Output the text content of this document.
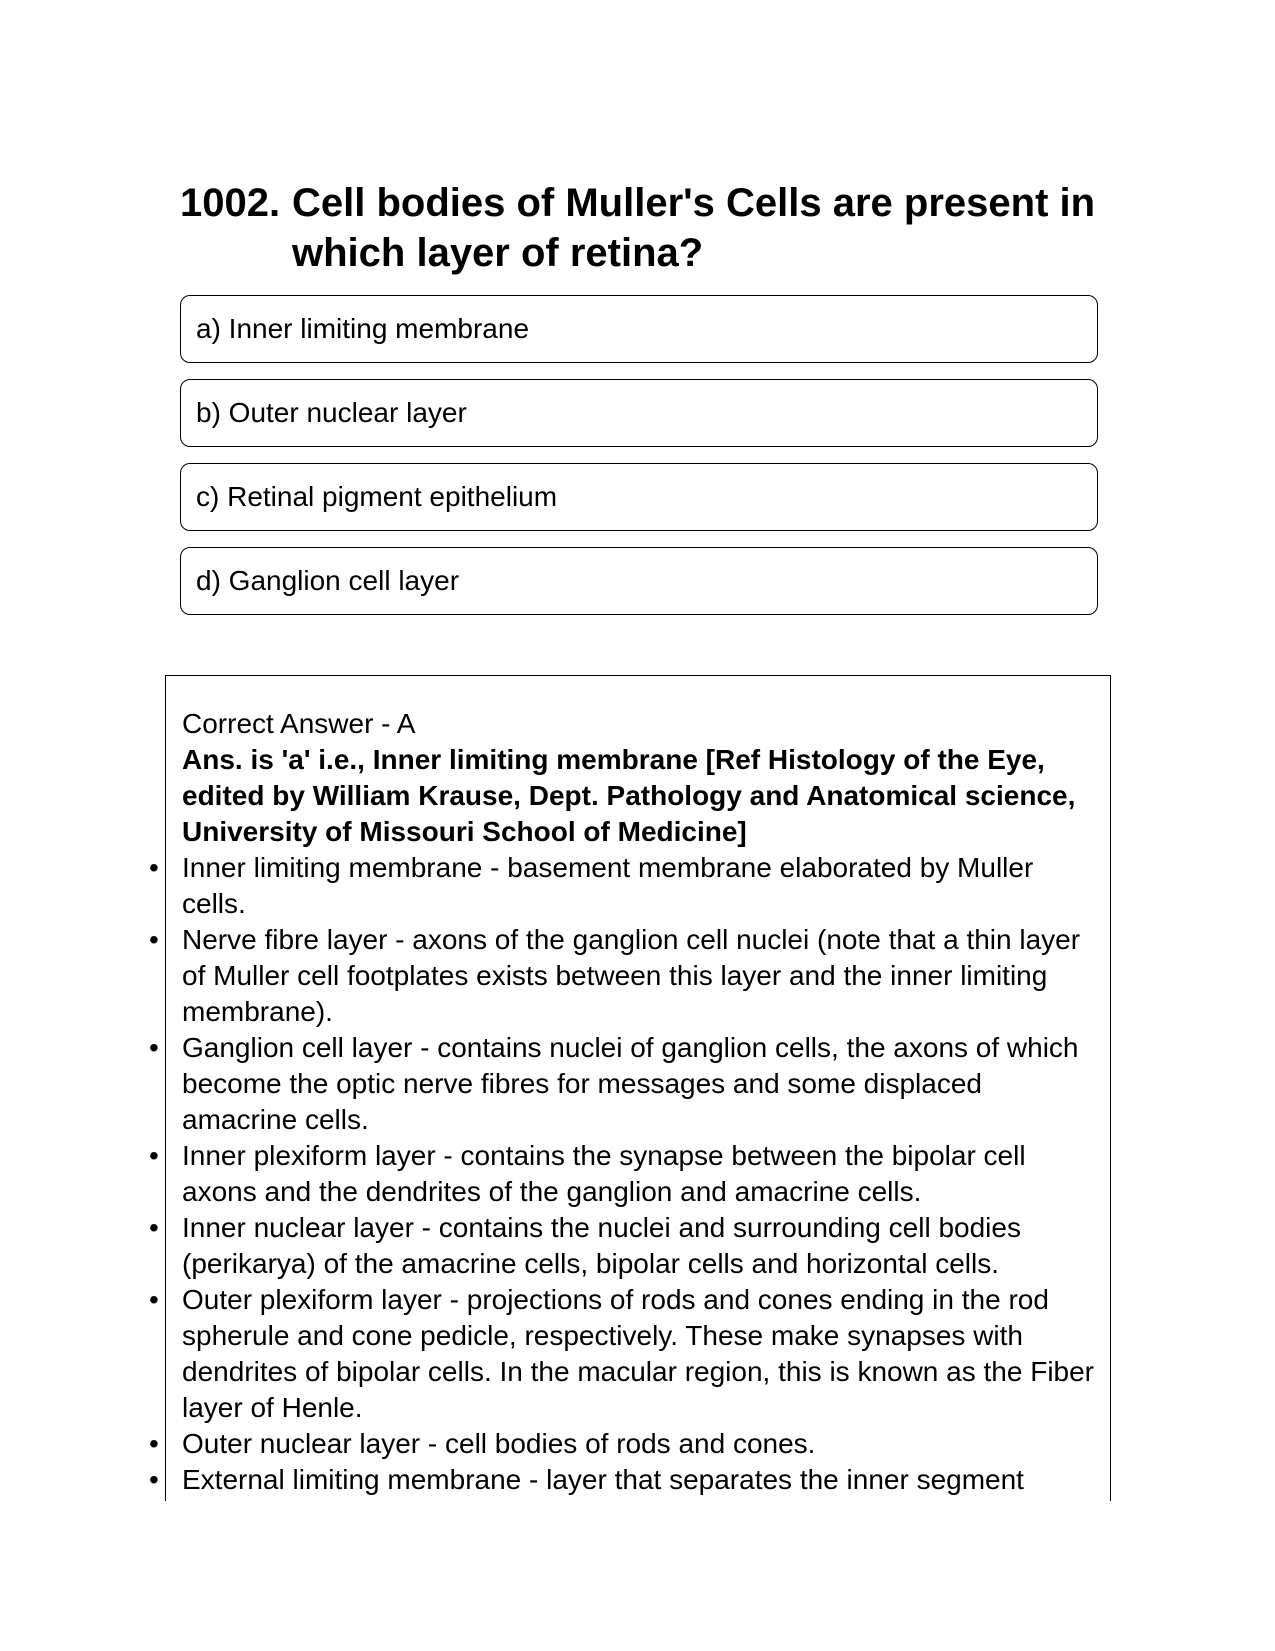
1002. Cell bodies of Muller's Cells are present in which layer of retina?
a) Inner limiting membrane
b) Outer nuclear layer
c) Retinal pigment epithelium
d) Ganglion cell layer
Correct Answer - A
Ans. is 'a' i.e., Inner limiting membrane [Ref Histology of the Eye, edited by William Krause, Dept. Pathology and Anatomical science, University of Missouri School of Medicine]
• Inner limiting membrane - basement membrane elaborated by Muller cells.
• Nerve fibre layer - axons of the ganglion cell nuclei (note that a thin layer of Muller cell footplates exists between this layer and the inner limiting membrane).
• Ganglion cell layer - contains nuclei of ganglion cells, the axons of which become the optic nerve fibres for messages and some displaced amacrine cells.
• Inner plexiform layer - contains the synapse between the bipolar cell axons and the dendrites of the ganglion and amacrine cells.
• Inner nuclear layer - contains the nuclei and surrounding cell bodies (perikarya) of the amacrine cells, bipolar cells and horizontal cells.
• Outer plexiform layer - projections of rods and cones ending in the rod spherule and cone pedicle, respectively. These make synapses with dendrites of bipolar cells. In the macular region, this is known as the Fiber layer of Henle.
• Outer nuclear layer - cell bodies of rods and cones.
• External limiting membrane - layer that separates the inner segment
